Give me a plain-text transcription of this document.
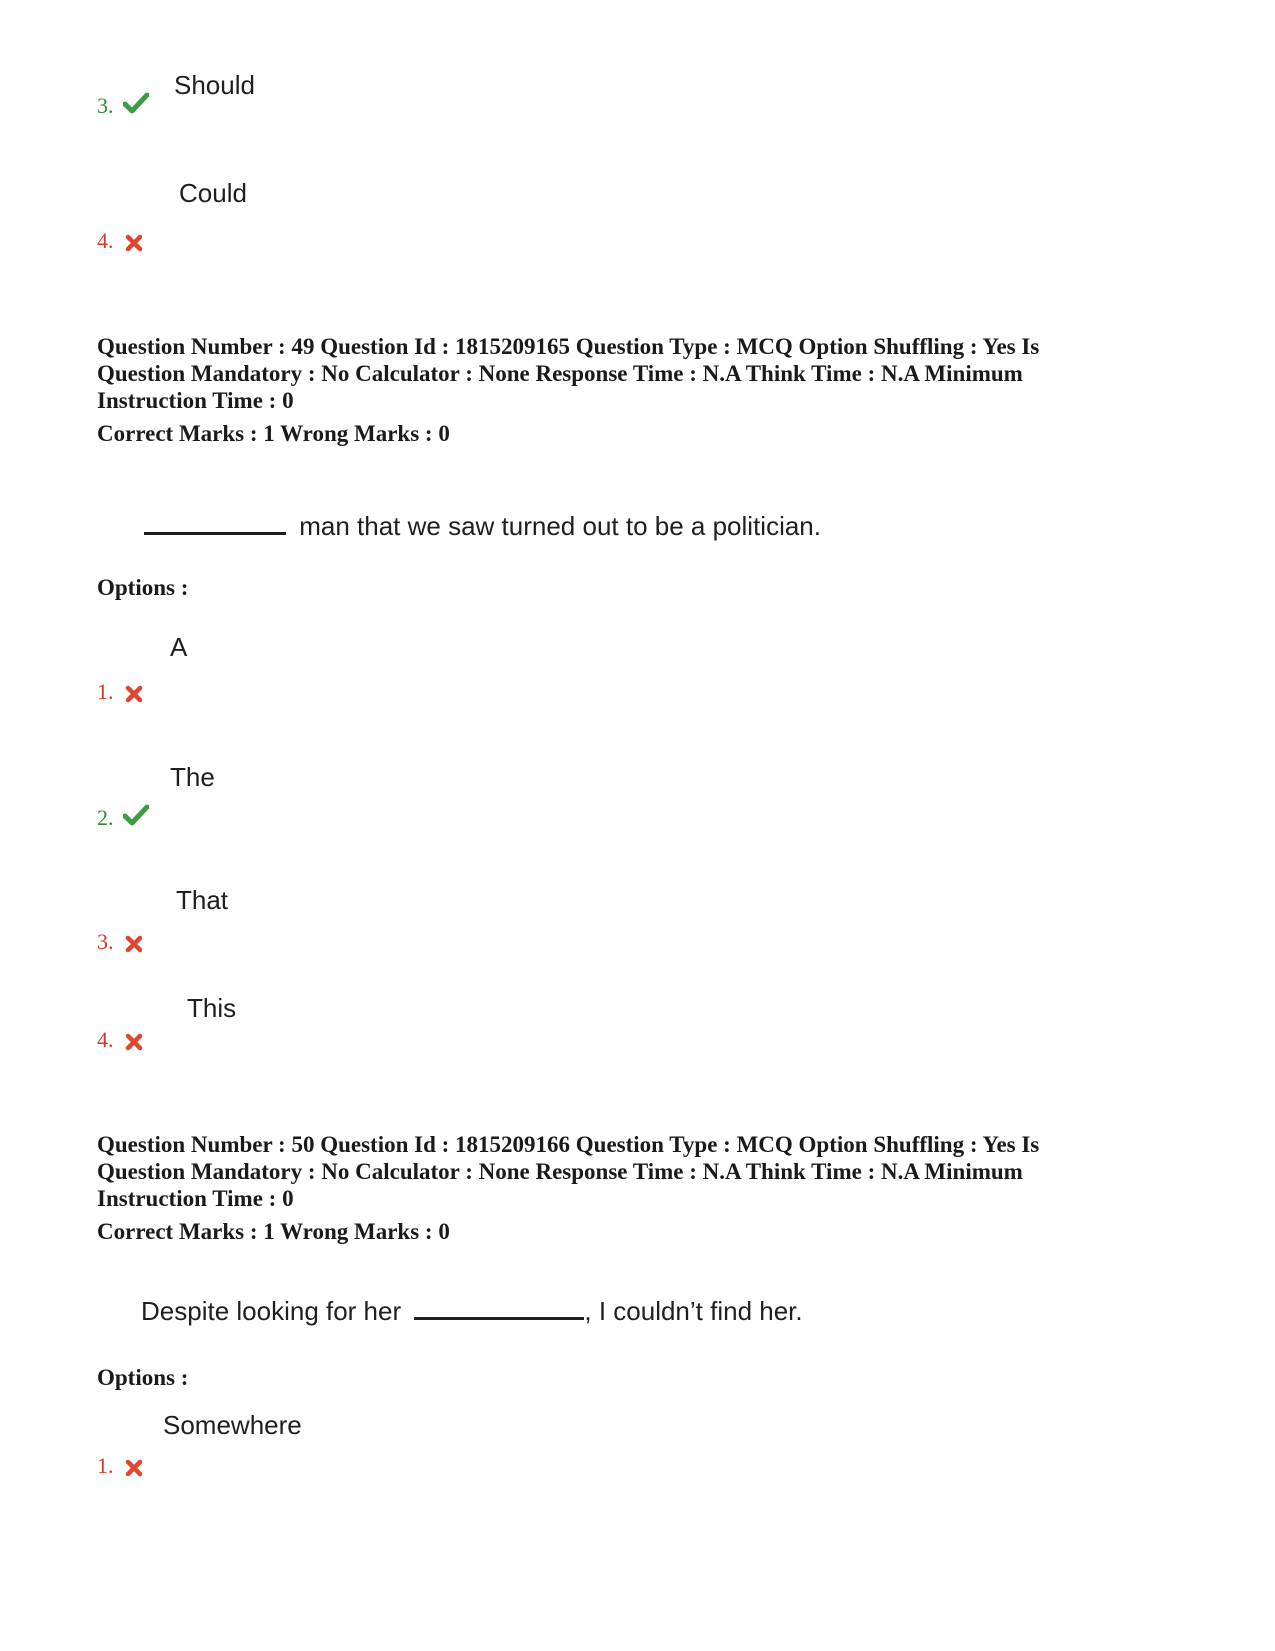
Should
3.
Could
4.
Question Number : 49 Question Id : 1815209165 Question Type : MCQ Option Shuffling : Yes Is
Question Mandatory : No Calculator : None Response Time : N.A Think Time : N.A Minimum
Instruction Time : 0
Correct Marks : 1 Wrong Marks : 0
man that we saw turned out to be a politician.
Options :
A
1.
The
2.
That
3.
This
4.
Question Number : 50 Question Id : 1815209166 Question Type : MCQ Option Shuffling : Yes Is
Question Mandatory : No Calculator : None Response Time : N.A Think Time : N.A Minimum
Instruction Time : 0
Correct Marks : 1 Wrong Marks : 0
Despite looking for her	, I couldn’t find her.
Options :
Somewhere
1.
